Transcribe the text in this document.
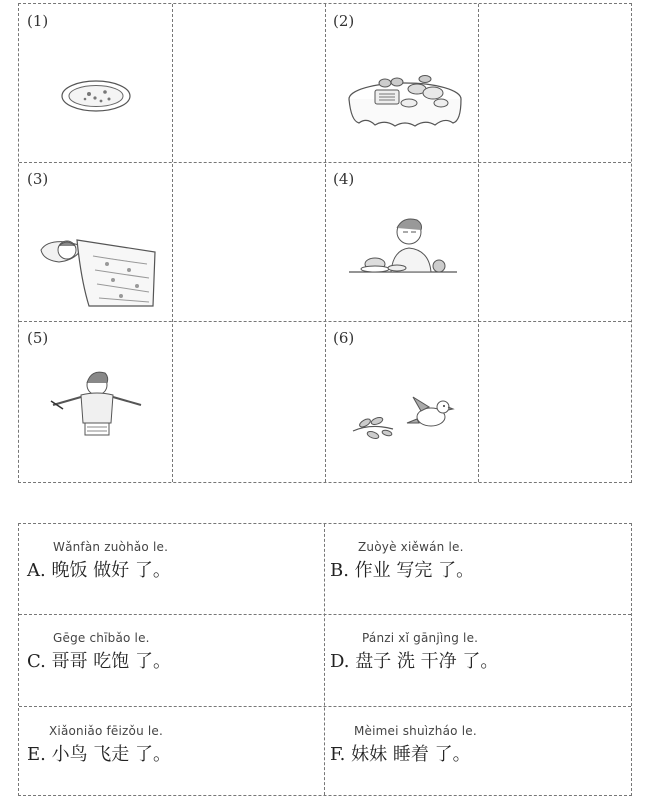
(1)	(2)
(3)	(4)
(5)	(6)
Wǎnfàn zuòhǎo le.
A. 晚饭 做好 了。
Zuòyè xiěwán le.
B. 作业 写完 了。
Gēge chībǎo le.
C. 哥哥 吃饱 了。
Pánzi xǐ gānjìng le.
D. 盘子 洗 干净 了。
Xiǎoniǎo fēizǒu le.
E. 小鸟 飞走 了。
Mèimei shuìzháo le.
F. 妹妹 睡着 了。
